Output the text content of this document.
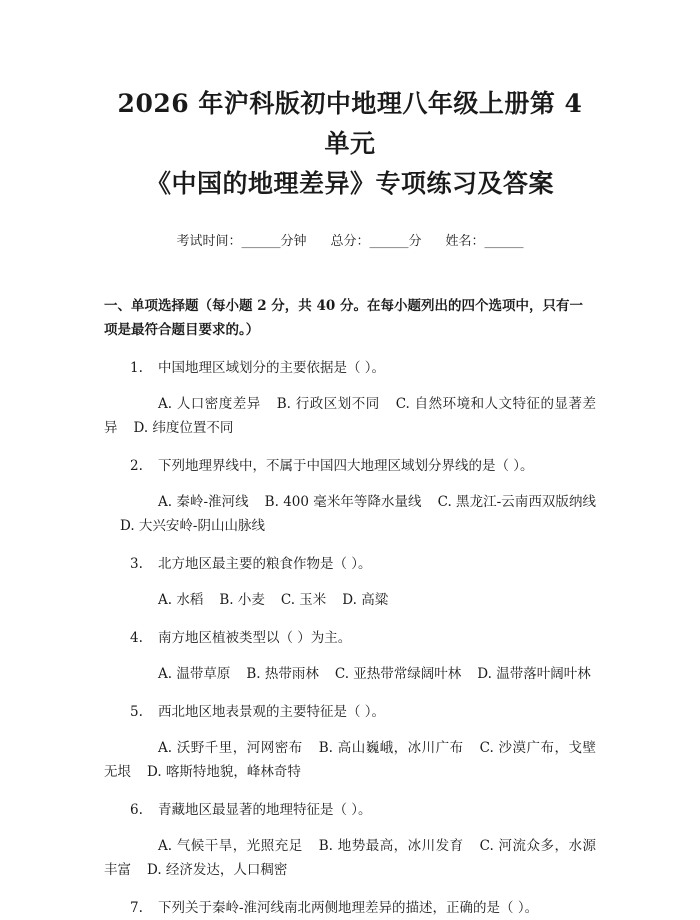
2026 年沪科版初中地理八年级上册第 4 单元
《中国的地理差异》专项练习及答案
考试时间：______分钟 总分：______分 姓名：______
一、单项选择题（每小题 2 分，共 40 分。在每小题列出的四个选项中，只有一项是最符合题目要求的。）
1. 中国地理区域划分的主要依据是（ ）。
A. 人口密度差异 B. 行政区划不同 C. 自然环境和人文特征的显著差异 D. 纬度位置不同
2. 下列地理界线中，不属于中国四大地理区域划分界线的是（ ）。
A. 秦岭-淮河线 B. 400 毫米年等降水量线 C. 黑龙江-云南西双版纳线D. 大兴安岭-阴山山脉线
3. 北方地区最主要的粮食作物是（ ）。
A. 水稻 B. 小麦 C. 玉米 D. 高粱
4. 南方地区植被类型以（ ）为主。
A. 温带草原 B. 热带雨林 C. 亚热带常绿阔叶林 D. 温带落叶阔叶林
5. 西北地区地表景观的主要特征是（ ）。
A. 沃野千里，河网密布 B. 高山巍峨，冰川广布 C. 沙漠广布，戈壁无垠 D. 喀斯特地貌，峰林奇特
6. 青藏地区最显著的地理特征是（ ）。
A. 气候干旱，光照充足 B. 地势最高，冰川发育 C. 河流众多，水源丰富 D. 经济发达，人口稠密
7. 下列关于秦岭-淮河线南北两侧地理差异的描述，正确的是（ ）。
